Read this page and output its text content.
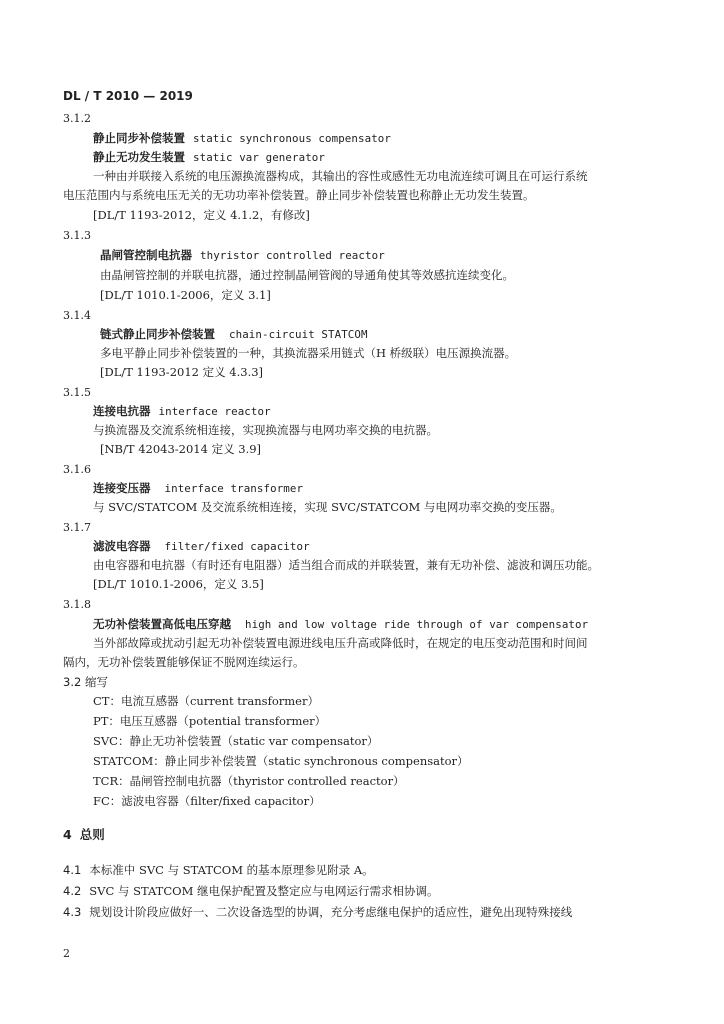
DL / T 2010 — 2019
3.1.2
静止同步补偿装置 static synchronous compensator
静止无功发生装置 static var generator
一种由并联接入系统的电压源换流器构成，其输出的容性或感性无功电流连续可调且在可运行系统
电压范围内与系统电压无关的无功功率补偿装置。静止同步补偿装置也称静止无功发生装置。
[DL/T 1193-2012，定义 4.1.2，有修改]
3.1.3
晶闸管控制电抗器 thyristor controlled reactor
由晶闸管控制的并联电抗器，通过控制晶闸管阀的导通角使其等效感抗连续变化。
[DL/T 1010.1-2006，定义 3.1]
3.1.4
链式静止同步补偿装置 chain-circuit STATCOM
多电平静止同步补偿装置的一种，其换流器采用链式（H 桥级联）电压源换流器。
[DL/T 1193-2012 定义 4.3.3]
3.1.5
连接电抗器 interface reactor
与换流器及交流系统相连接，实现换流器与电网功率交换的电抗器。
[NB/T 42043-2014 定义 3.9]
3.1.6
连接变压器 interface transformer
与 SVC/STATCOM 及交流系统相连接，实现 SVC/STATCOM 与电网功率交换的变压器。
3.1.7
滤波电容器 filter/fixed capacitor
由电容器和电抗器（有时还有电阻器）适当组合而成的并联装置，兼有无功补偿、滤波和调压功能。
[DL/T 1010.1-2006，定义 3.5]
3.1.8
无功补偿装置高低电压穿越 high and low voltage ride through of var compensator
当外部故障或扰动引起无功补偿装置电源进线电压升高或降低时，在规定的电压变动范围和时间间
隔内，无功补偿装置能够保证不脱网连续运行。
3.2 缩写
CT：电流互感器（current transformer）
PT：电压互感器（potential transformer）
SVC：静止无功补偿装置（static var compensator）
STATCOM：静止同步补偿装置（static synchronous compensator）
TCR：晶闸管控制电抗器（thyristor controlled reactor）
FC：滤波电容器（filter/fixed capacitor）
4 总则
4.1 本标准中 SVC 与 STATCOM 的基本原理参见附录 A。
4.2 SVC 与 STATCOM 继电保护配置及整定应与电网运行需求相协调。
4.3 规划设计阶段应做好一、二次设备选型的协调，充分考虑继电保护的适应性，避免出现特殊接线
2
